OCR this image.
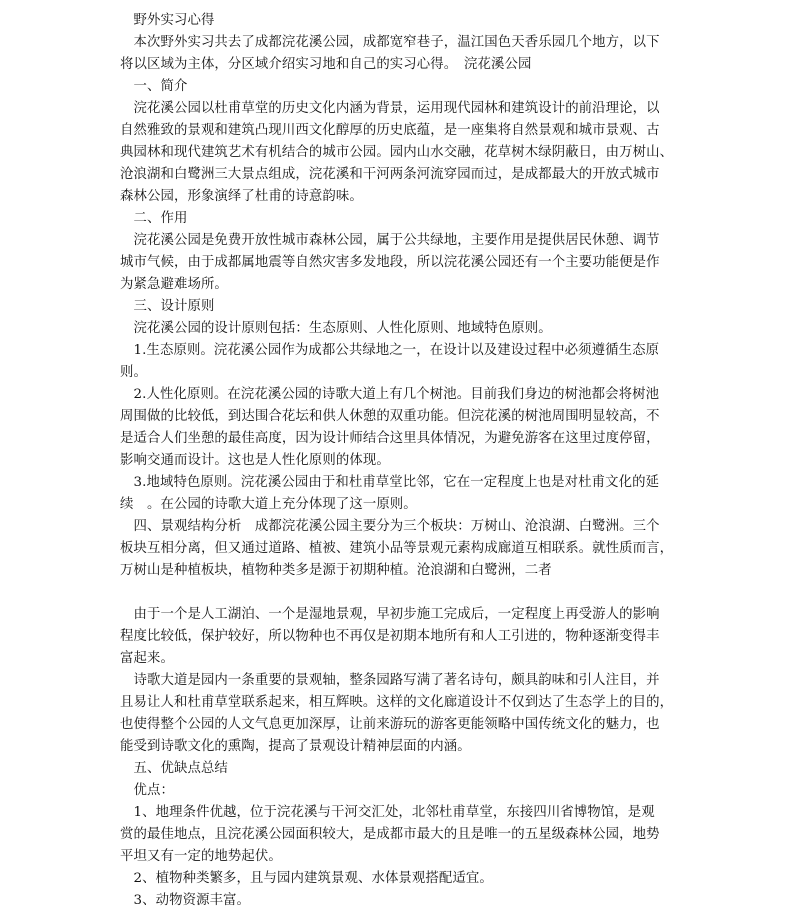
　野外实习心得
　本次野外实习共去了成都浣花溪公园，成都宽窄巷子，温江国色天香乐园几个地方，以下
将以区域为主体，分区域介绍实习地和自己的实习心得。　浣花溪公园
　一、简介
　浣花溪公园以杜甫草堂的历史文化内涵为背景，运用现代园林和建筑设计的前沿理论，以
自然雅致的景观和建筑凸现川西文化醇厚的历史底蕴，是一座集将自然景观和城市景观、古
典园林和现代建筑艺术有机结合的城市公园。园内山水交融，花草树木绿阴蔽日，由万树山、
沧浪湖和白鹭洲三大景点组成，浣花溪和干河两条河流穿园而过，是成都最大的开放式城市
森林公园，形象演绎了杜甫的诗意韵味。
　二、作用
　浣花溪公园是免费开放性城市森林公园，属于公共绿地，主要作用是提供居民休憩、调节
城市气候，由于成都属地震等自然灾害多发地段，所以浣花溪公园还有一个主要功能便是作
为紧急避难场所。
　三、设计原则
　浣花溪公园的设计原则包括：生态原则、人性化原则、地域特色原则。
　1.生态原则。浣花溪公园作为成都公共绿地之一，在设计以及建设过程中必须遵循生态原
则。
　2.人性化原则。在浣花溪公园的诗歌大道上有几个树池。目前我们身边的树池都会将树池
周围做的比较低，到达围合花坛和供人休憩的双重功能。但浣花溪的树池周围明显较高，不
是适合人们坐憩的最佳高度，因为设计师结合这里具体情况，为避免游客在这里过度停留，
影响交通而设计。这也是人性化原则的体现。
　3.地域特色原则。浣花溪公园由于和杜甫草堂比邻，它在一定程度上也是对杜甫文化的延
续　。在公园的诗歌大道上充分体现了这一原则。
　四、景观结构分析　成都浣花溪公园主要分为三个板块：万树山、沧浪湖、白鹭洲。三个
板块互相分离，但又通过道路、植被、建筑小品等景观元素构成廊道互相联系。就性质而言，
万树山是种植板块，植物种类多是源于初期种植。沧浪湖和白鹭洲，二者
　由于一个是人工湖泊、一个是湿地景观，早初步施工完成后，一定程度上再受游人的影响
程度比较低，保护较好，所以物种也不再仅是初期本地所有和人工引进的，物种逐渐变得丰
富起来。
　诗歌大道是园内一条重要的景观轴，整条园路写满了著名诗句，颇具韵味和引人注目，并
且易让人和杜甫草堂联系起来，相互辉映。这样的文化廊道设计不仅到达了生态学上的目的，
也使得整个公园的人文气息更加深厚，让前来游玩的游客更能领略中国传统文化的魅力，也
能受到诗歌文化的熏陶，提高了景观设计精神层面的内涵。
　五、优缺点总结
　优点：
　1、地理条件优越，位于浣花溪与干河交汇处，北邻杜甫草堂，东接四川省博物馆，是观
赏的最佳地点，且浣花溪公园面积较大，是成都市最大的且是唯一的五星级森林公园，地势
平坦又有一定的地势起伏。
　2、植物种类繁多，且与园内建筑景观、水体景观搭配适宜。
　3、动物资源丰富。
